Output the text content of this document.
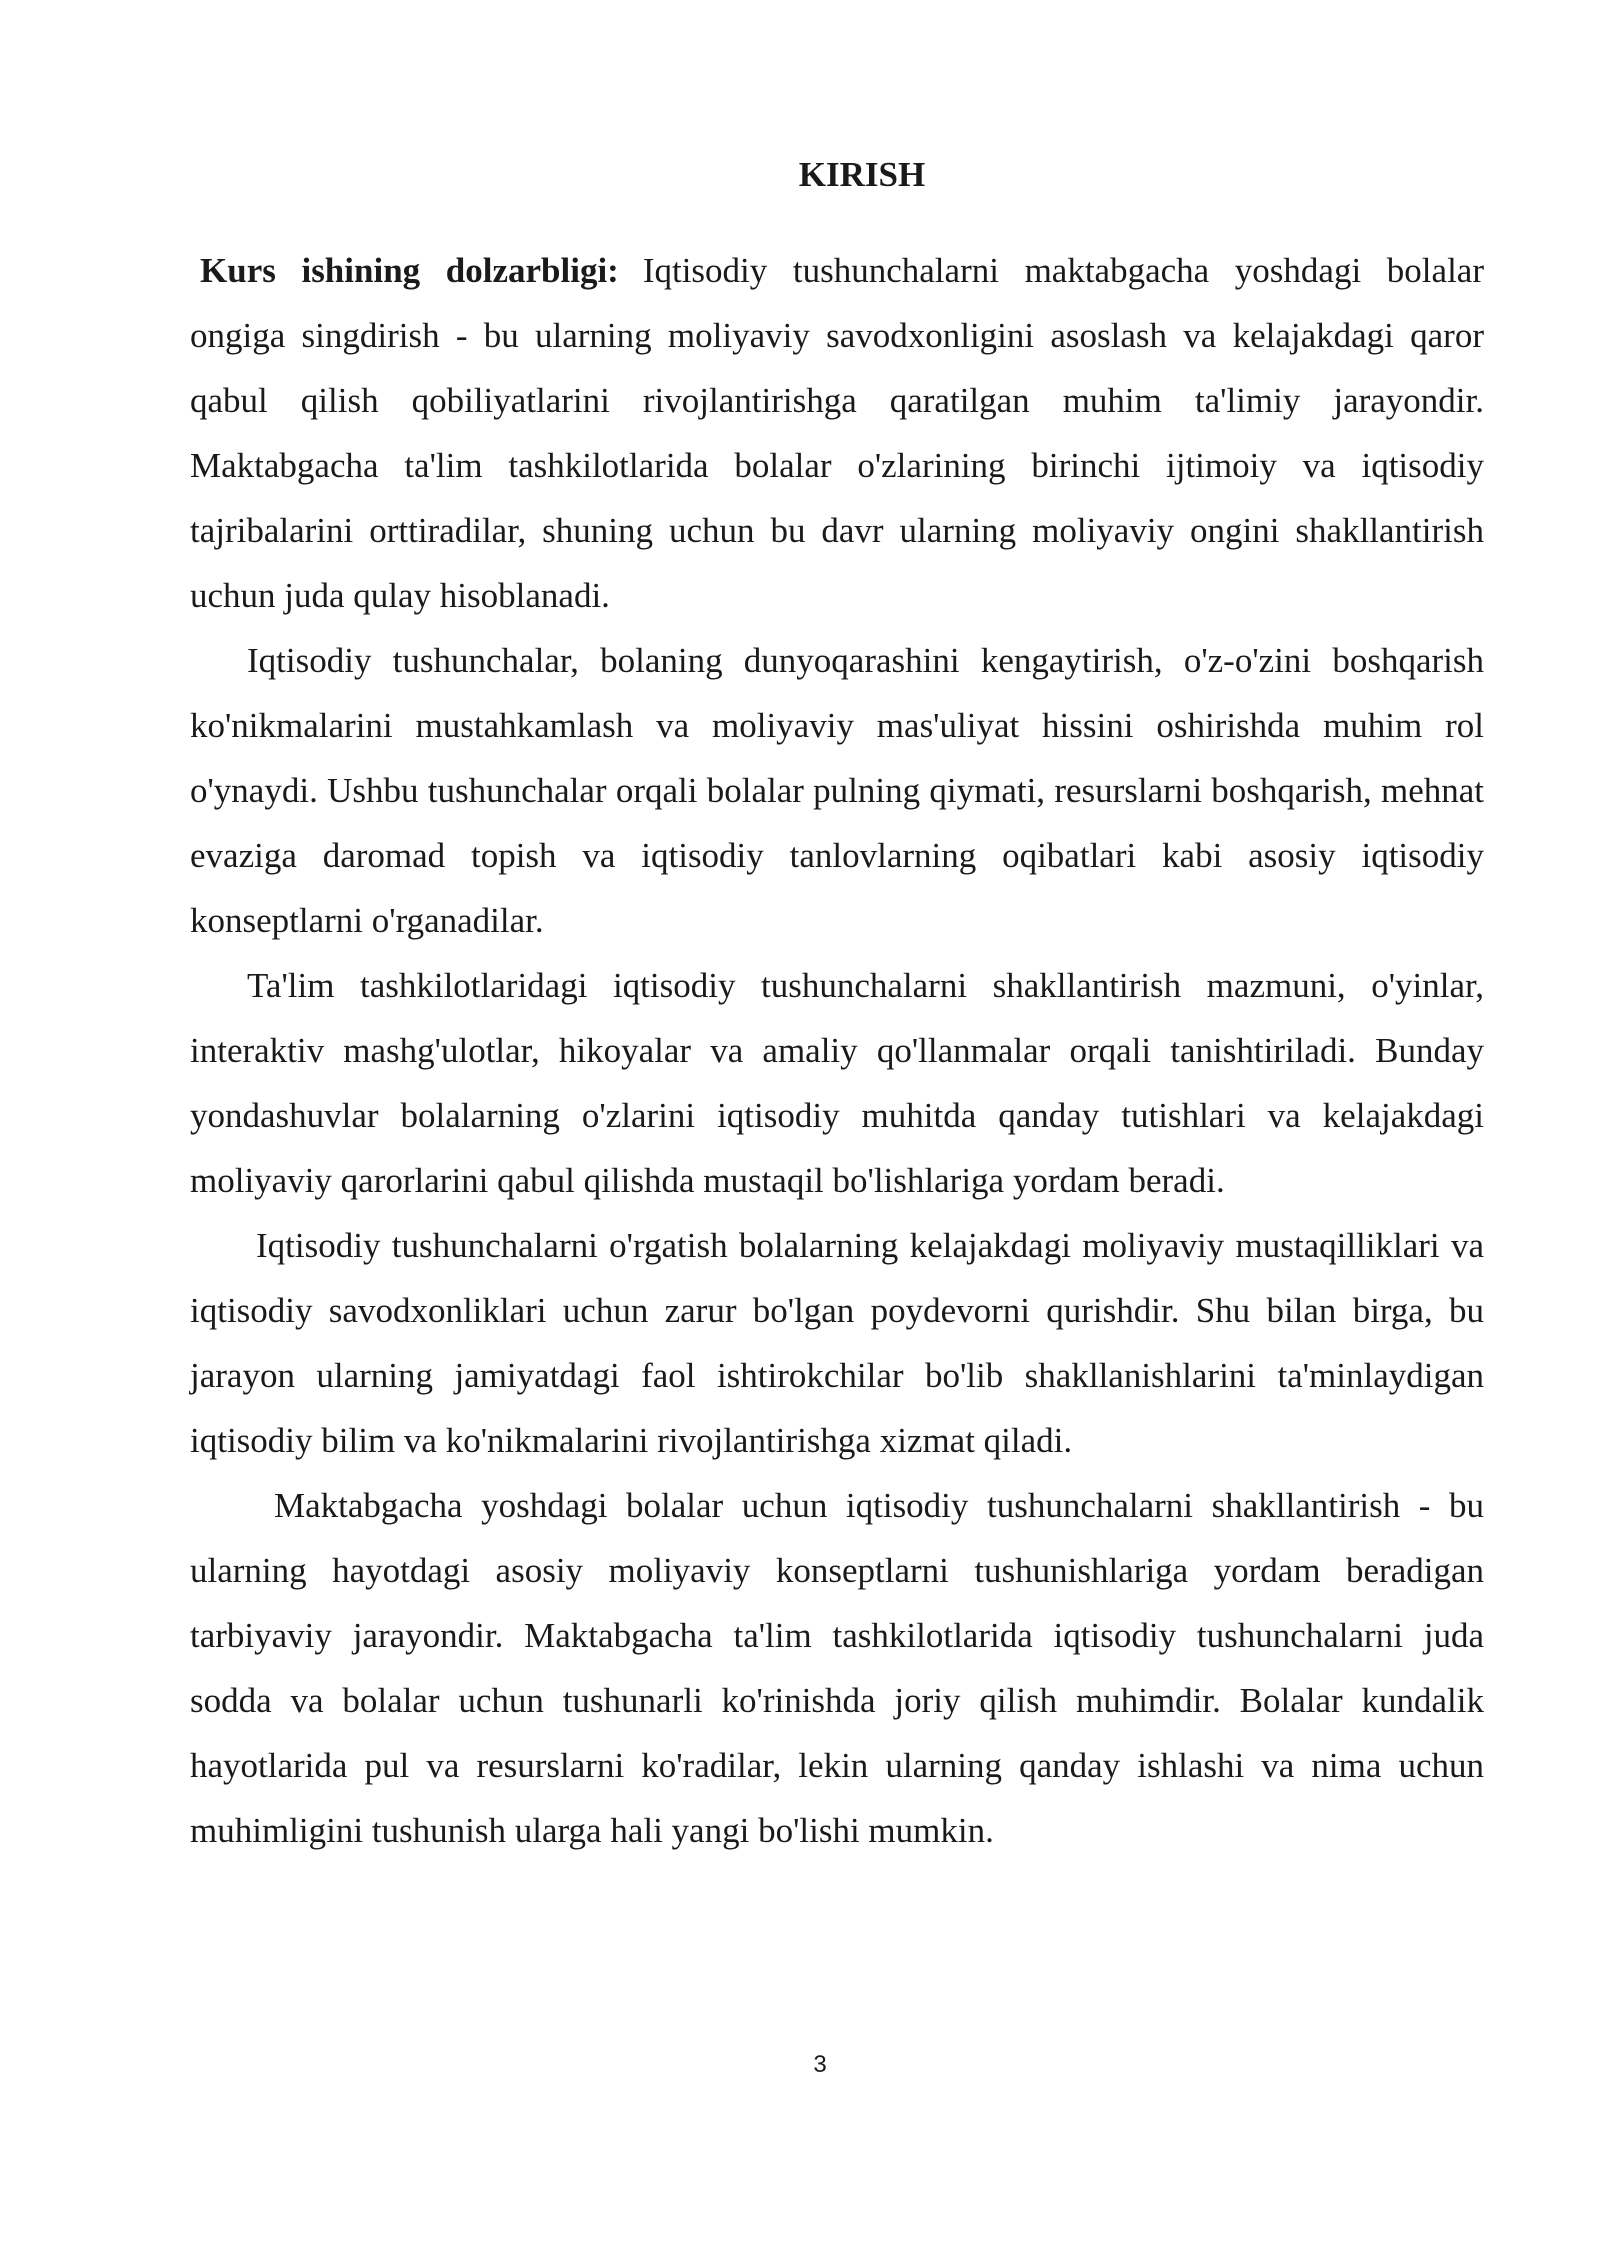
KIRISH

Kurs ishining dolzarbligi: Iqtisodiy tushunchalarni maktabgacha yoshdagi bolalar ongiga singdirish - bu ularning moliyaviy savodxonligini asoslash va kelajakdagi qaror qabul qilish qobiliyatlarini rivojlantirishga qaratilgan muhim ta'limiy jarayondir. Maktabgacha ta'lim tashkilotlarida bolalar o'zlarining birinchi ijtimoiy va iqtisodiy tajribalarini orttiradilar, shuning uchun bu davr ularning moliyaviy ongini shakllantirish uchun juda qulay hisoblanadi.

Iqtisodiy tushunchalar, bolaning dunyoqarashini kengaytirish, o'z-o'zini boshqarish ko'nikmalarini mustahkamlash va moliyaviy mas'uliyat hissini oshirishda muhim rol o'ynaydi. Ushbu tushunchalar orqali bolalar pulning qiymati, resurslarni boshqarish, mehnat evaziga daromad topish va iqtisodiy tanlovlarning oqibatlari kabi asosiy iqtisodiy konseptlarni o'rganadilar.

Ta'lim tashkilotlaridagi iqtisodiy tushunchalarni shakllantirish mazmuni, o'yinlar, interaktiv mashg'ulotlar, hikoyalar va amaliy qo'llanmalar orqali tanishtiriladi. Bunday yondashuvlar bolalarning o'zlarini iqtisodiy muhitda qanday tutishlari va kelajakdagi moliyaviy qarorlarini qabul qilishda mustaqil bo'lishlariga yordam beradi.

Iqtisodiy tushunchalarni o'rgatish bolalarning kelajakdagi moliyaviy mustaqilliklari va iqtisodiy savodxonliklari uchun zarur bo'lgan poydevorni qurishdir. Shu bilan birga, bu jarayon ularning jamiyatdagi faol ishtirokchilar bo'lib shakllanishlarini ta'minlaydigan iqtisodiy bilim va ko'nikmalarini rivojlantirishga xizmat qiladi.

Maktabgacha yoshdagi bolalar uchun iqtisodiy tushunchalarni shakllantirish - bu ularning hayotdagi asosiy moliyaviy konseptlarni tushunishlariga yordam beradigan tarbiyaviy jarayondir. Maktabgacha ta'lim tashkilotlarida iqtisodiy tushunchalarni juda sodda va bolalar uchun tushunarli ko'rinishda joriy qilish muhimdir. Bolalar kundalik hayotlarida pul va resurslarni ko'radilar, lekin ularning qanday ishlashi va nima uchun muhimligini tushunish ularga hali yangi bo'lishi mumkin.

3
